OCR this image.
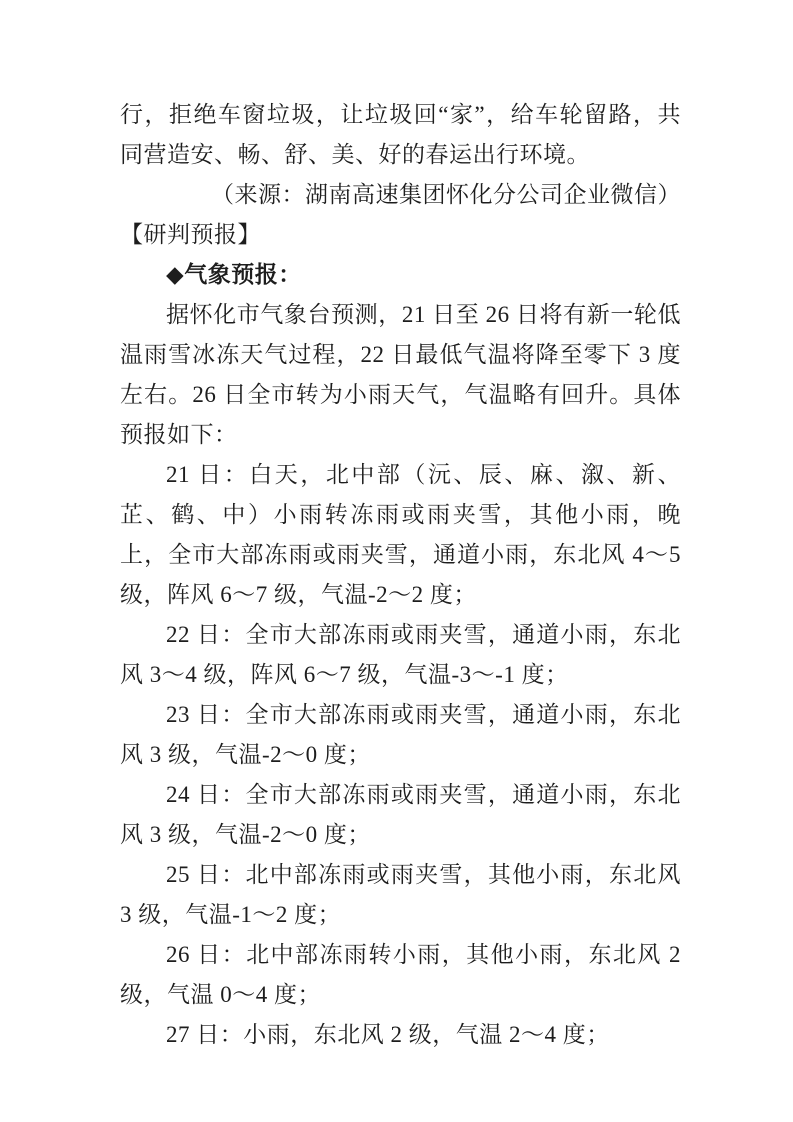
行，拒绝车窗垃圾，让垃圾回“家”，给车轮留路，共同营造安、畅、舒、美、好的春运出行环境。

（来源：湖南高速集团怀化分公司企业微信）

【研判预报】

◆气象预报：

据怀化市气象台预测，21 日至 26 日将有新一轮低温雨雪冰冻天气过程，22 日最低气温将降至零下 3 度左右。26 日全市转为小雨天气，气温略有回升。具体预报如下：

21 日：白天，北中部（沅、辰、麻、溆、新、芷、鹤、中）小雨转冻雨或雨夹雪，其他小雨，晚上，全市大部冻雨或雨夹雪，通道小雨，东北风 4～5 级，阵风 6～7 级，气温-2～2 度；

22 日：全市大部冻雨或雨夹雪，通道小雨，东北风 3～4 级，阵风 6～7 级，气温-3～-1 度；

23 日：全市大部冻雨或雨夹雪，通道小雨，东北风 3 级，气温-2～0 度；

24 日：全市大部冻雨或雨夹雪，通道小雨，东北风 3 级，气温-2～0 度；

25 日：北中部冻雨或雨夹雪，其他小雨，东北风 3 级，气温-1～2 度；

26 日：北中部冻雨转小雨，其他小雨，东北风 2 级，气温 0～4 度；

27 日：小雨，东北风 2 级，气温 2～4 度；
